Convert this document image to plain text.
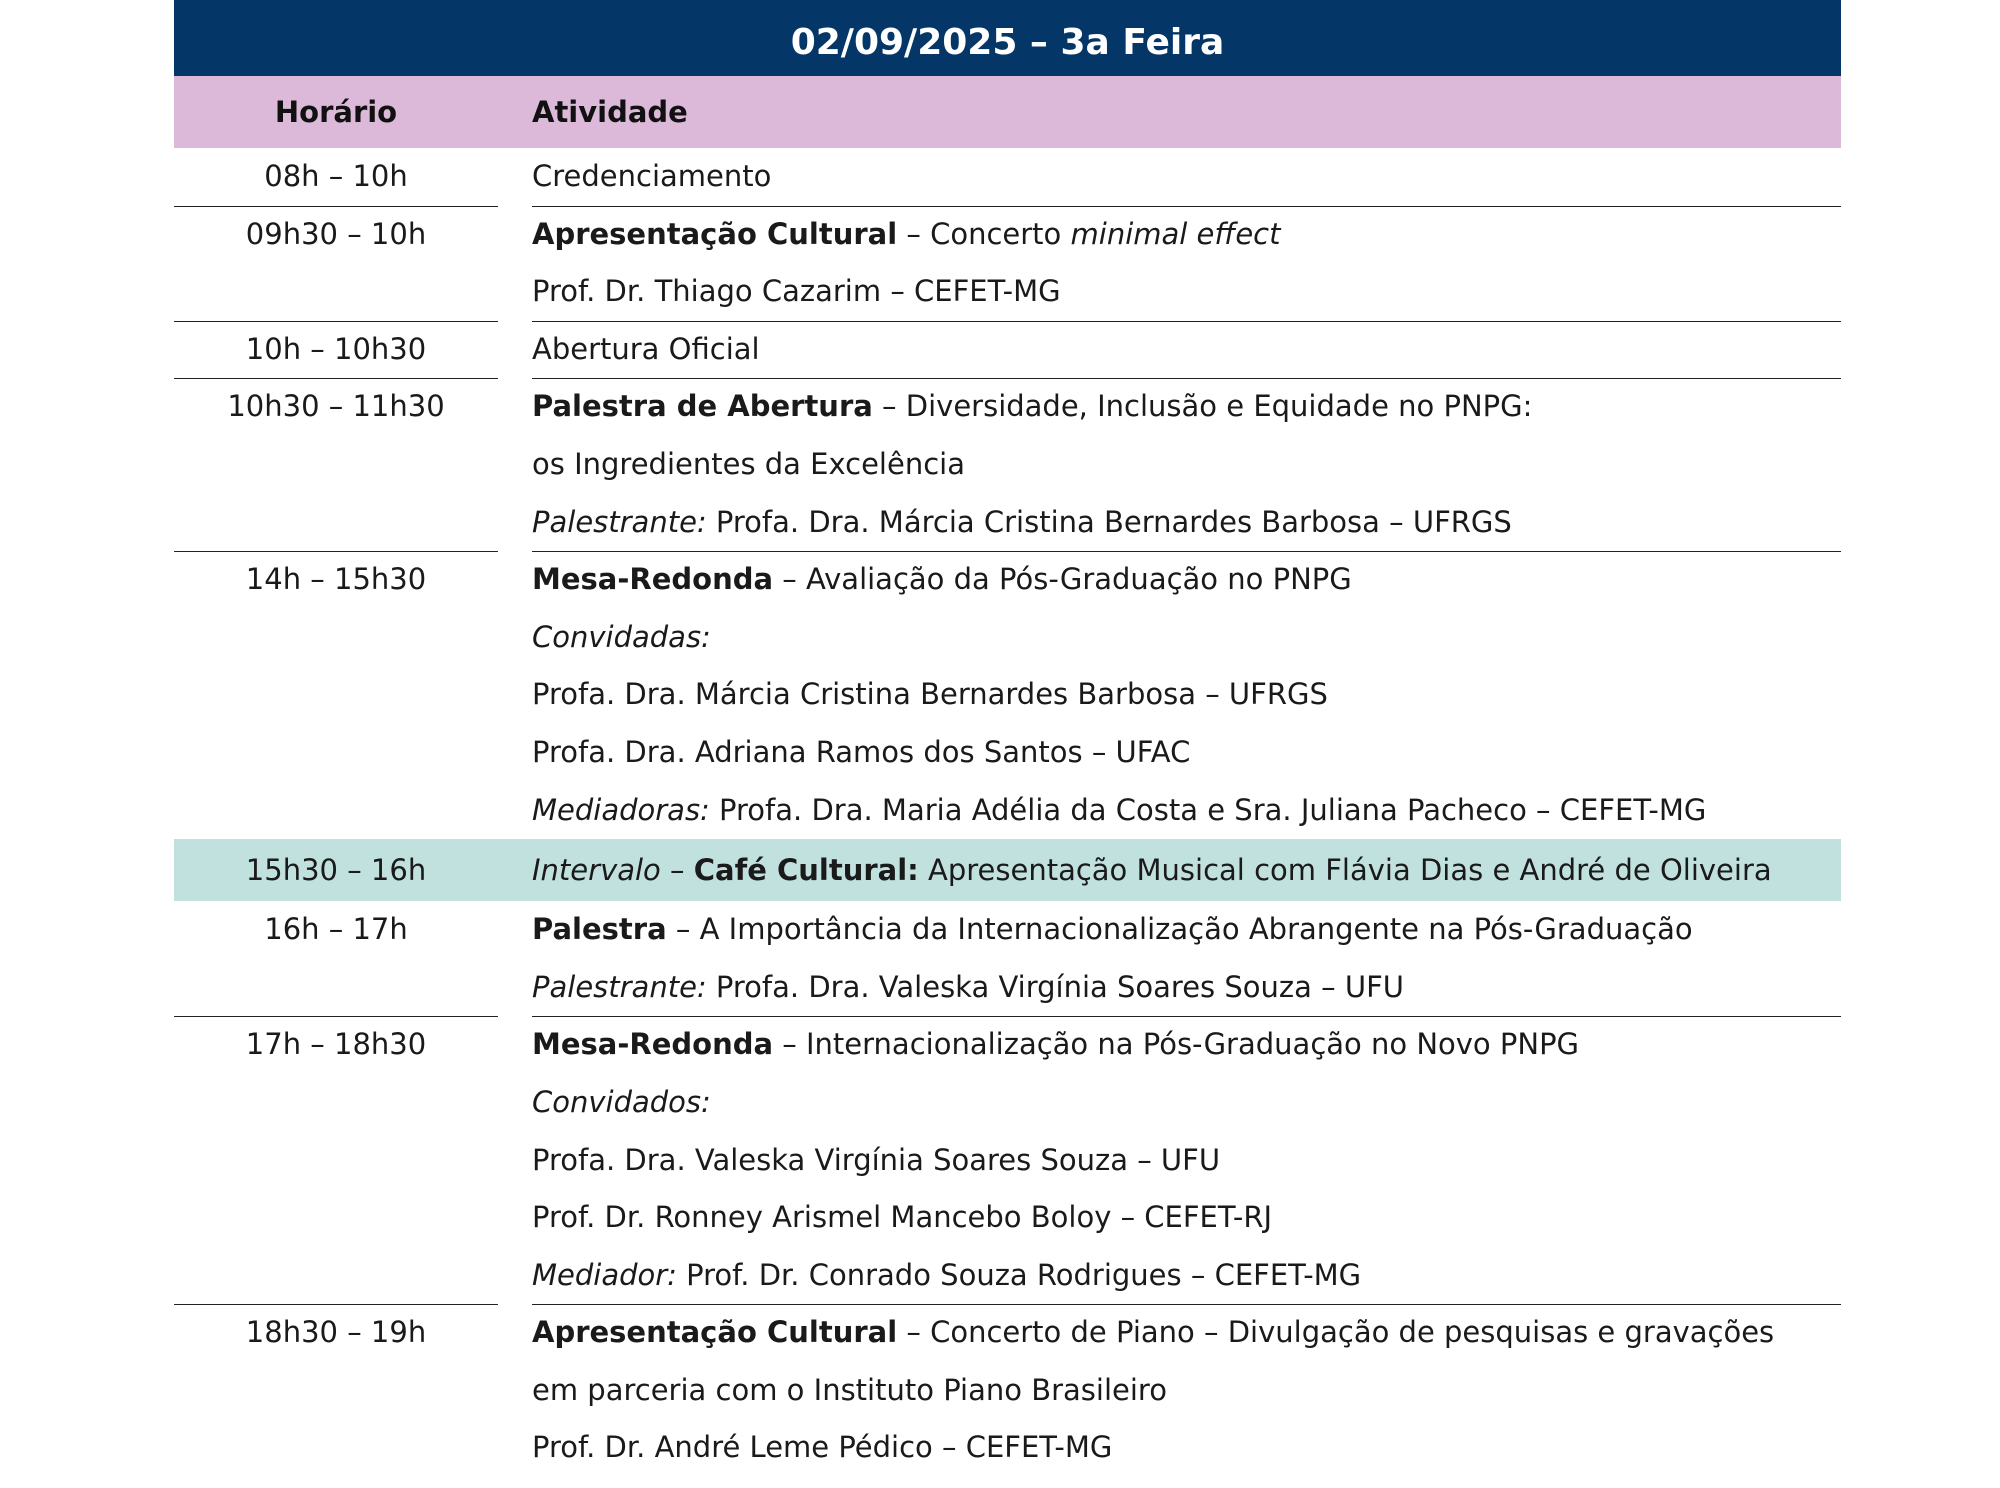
02/09/2025 – 3a Feira
Horário	Atividade
08h – 10h	Credenciamento
09h30 – 10h	Apresentação Cultural – Concerto minimal effect
Prof. Dr. Thiago Cazarim – CEFET-MG
10h – 10h30	Abertura Oficial
10h30 – 11h30	Palestra de Abertura – Diversidade, Inclusão e Equidade no PNPG:
os Ingredientes da Excelência
Palestrante: Profa. Dra. Márcia Cristina Bernardes Barbosa – UFRGS
14h – 15h30	Mesa-Redonda – Avaliação da Pós-Graduação no PNPG
Convidadas:
Profa. Dra. Márcia Cristina Bernardes Barbosa – UFRGS
Profa. Dra. Adriana Ramos dos Santos – UFAC
Mediadoras: Profa. Dra. Maria Adélia da Costa e Sra. Juliana Pacheco – CEFET-MG
15h30 – 16h	Intervalo – Café Cultural: Apresentação Musical com Flávia Dias e André de Oliveira
16h – 17h	Palestra – A Importância da Internacionalização Abrangente na Pós-Graduação
Palestrante: Profa. Dra. Valeska Virgínia Soares Souza – UFU
17h – 18h30	Mesa-Redonda – Internacionalização na Pós-Graduação no Novo PNPG
Convidados:
Profa. Dra. Valeska Virgínia Soares Souza – UFU
Prof. Dr. Ronney Arismel Mancebo Boloy – CEFET-RJ
Mediador: Prof. Dr. Conrado Souza Rodrigues – CEFET-MG
18h30 – 19h	Apresentação Cultural – Concerto de Piano – Divulgação de pesquisas e gravações
em parceria com o Instituto Piano Brasileiro
Prof. Dr. André Leme Pédico – CEFET-MG
